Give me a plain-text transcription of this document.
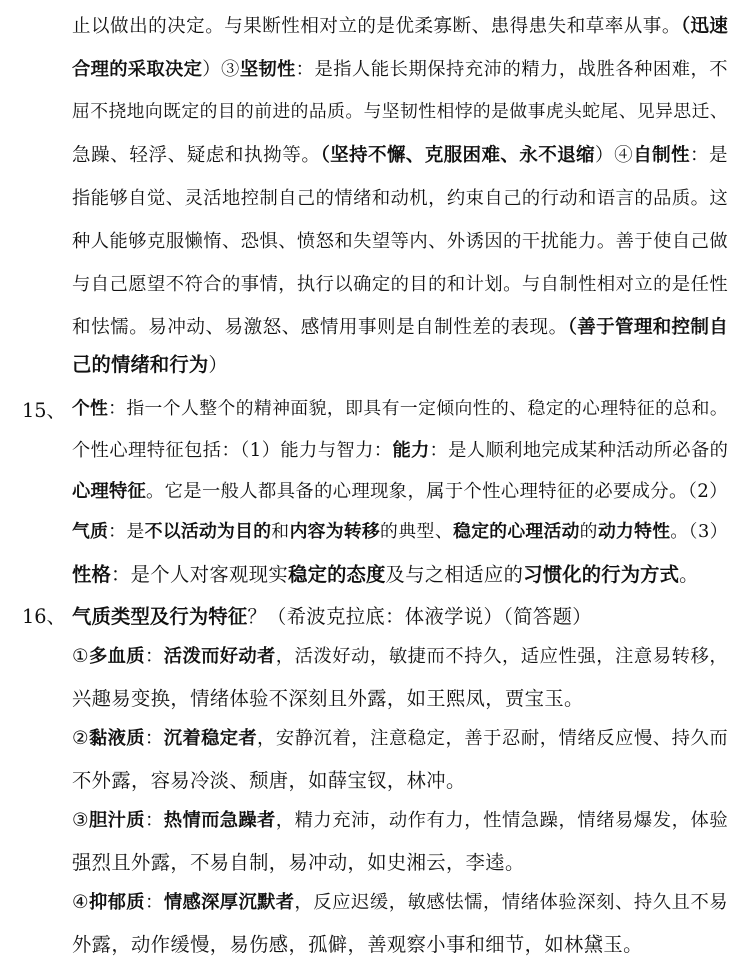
止以做出的决定。与果断性相对立的是优柔寡断、患得患失和草率从事。（迅速
合理的采取决定）③坚韧性：是指人能长期保持充沛的精力，战胜各种困难，不
屈不挠地向既定的目的前进的品质。与坚韧性相悖的是做事虎头蛇尾、见异思迁、
急躁、轻浮、疑虑和执拗等。（坚持不懈、克服困难、永不退缩）④自制性：是
指能够自觉、灵活地控制自己的情绪和动机，约束自己的行动和语言的品质。这
种人能够克服懒惰、恐惧、愤怒和失望等内、外诱因的干扰能力。善于使自己做
与自己愿望不符合的事情，执行以确定的目的和计划。与自制性相对立的是任性
和怯懦。易冲动、易激怒、感情用事则是自制性差的表现。（善于管理和控制自
己的情绪和行为）
15、 个性：指一个人整个的精神面貌，即具有一定倾向性的、稳定的心理特征的总和。
个性心理特征包括：（1）能力与智力：能力：是人顺利地完成某种活动所必备的
心理特征。它是一般人都具备的心理现象，属于个性心理特征的必要成分。（2）
气质：是不以活动为目的和内容为转移的典型、稳定的心理活动的动力特性。（3）
性格：是个人对客观现实稳定的态度及与之相适应的习惯化的行为方式。
16、 气质类型及行为特征？（希波克拉底：体液学说）（简答题）
①多血质：活泼而好动者，活泼好动，敏捷而不持久，适应性强，注意易转移，
兴趣易变换，情绪体验不深刻且外露，如王熙凤，贾宝玉。
②黏液质：沉着稳定者，安静沉着，注意稳定，善于忍耐，情绪反应慢、持久而
不外露，容易冷淡、颓唐，如薛宝钗，林冲。
③胆汁质：热情而急躁者，精力充沛，动作有力，性情急躁，情绪易爆发，体验
强烈且外露，不易自制，易冲动，如史湘云，李逵。
④抑郁质：情感深厚沉默者，反应迟缓，敏感怯懦，情绪体验深刻、持久且不易
外露，动作缓慢，易伤感，孤僻，善观察小事和细节，如林黛玉。
